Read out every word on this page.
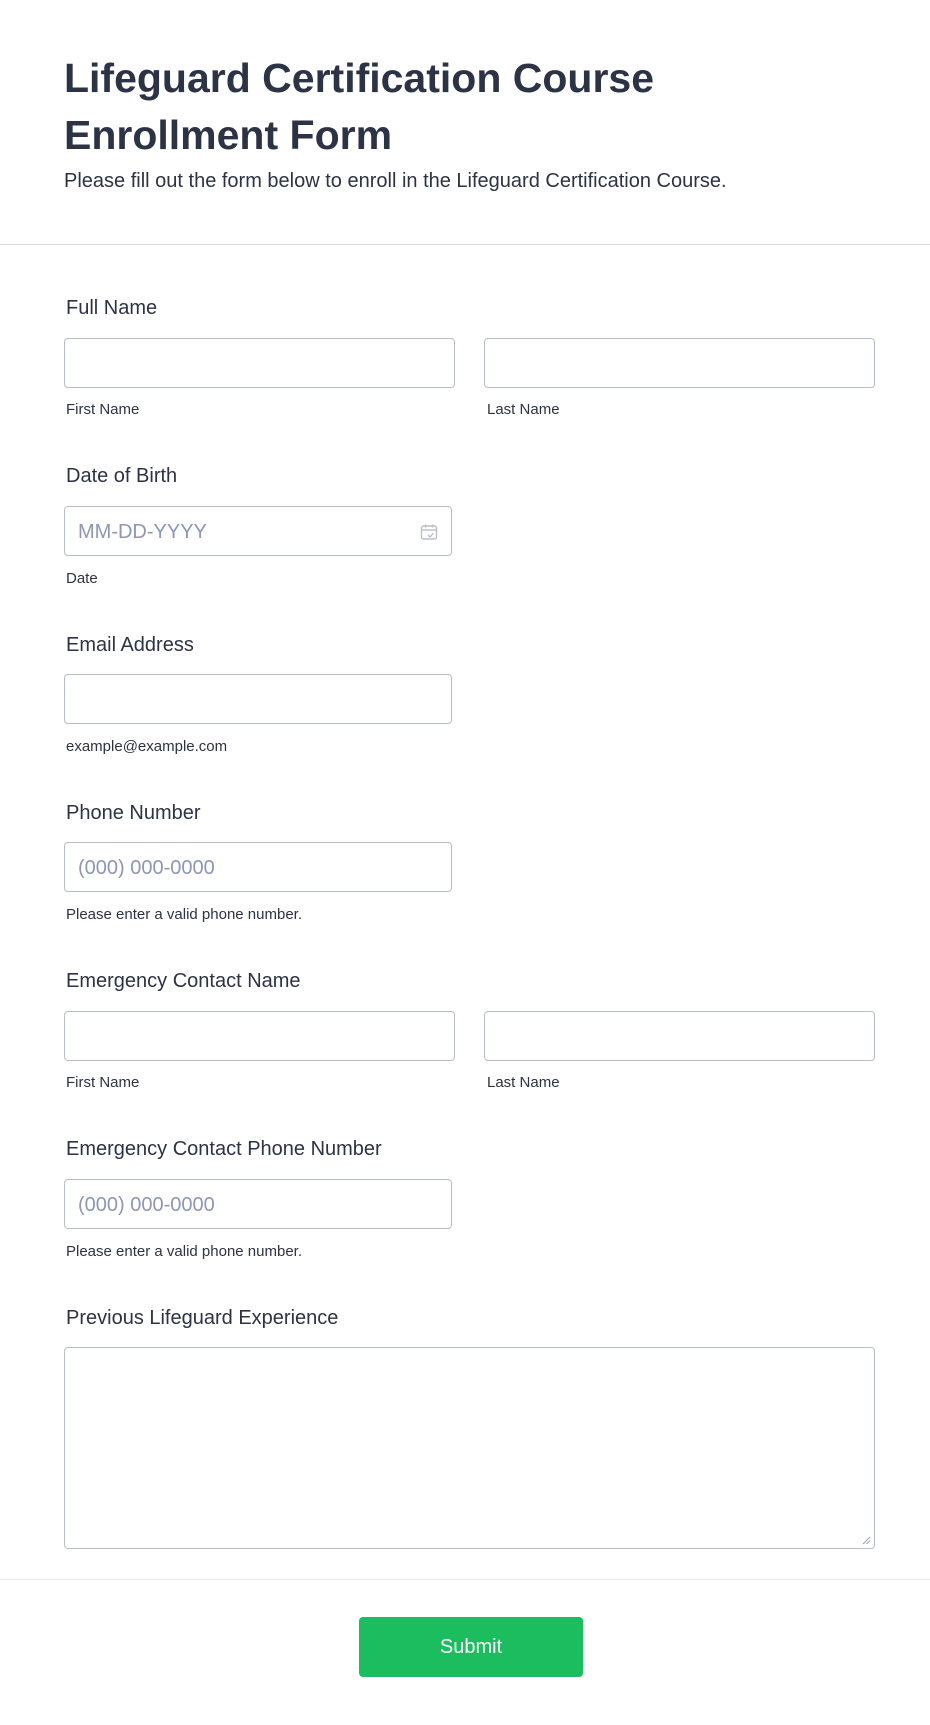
Lifeguard Certification Course Enrollment Form

Please fill out the form below to enroll in the Lifeguard Certification Course.

Full Name
First Name	Last Name
Date of Birth
MM-DD-YYYY
Date
Email Address
example@example.com
Phone Number
(000) 000-0000
Please enter a valid phone number.
Emergency Contact Name
First Name	Last Name
Emergency Contact Phone Number
(000) 000-0000
Please enter a valid phone number.
Previous Lifeguard Experience
Submit
